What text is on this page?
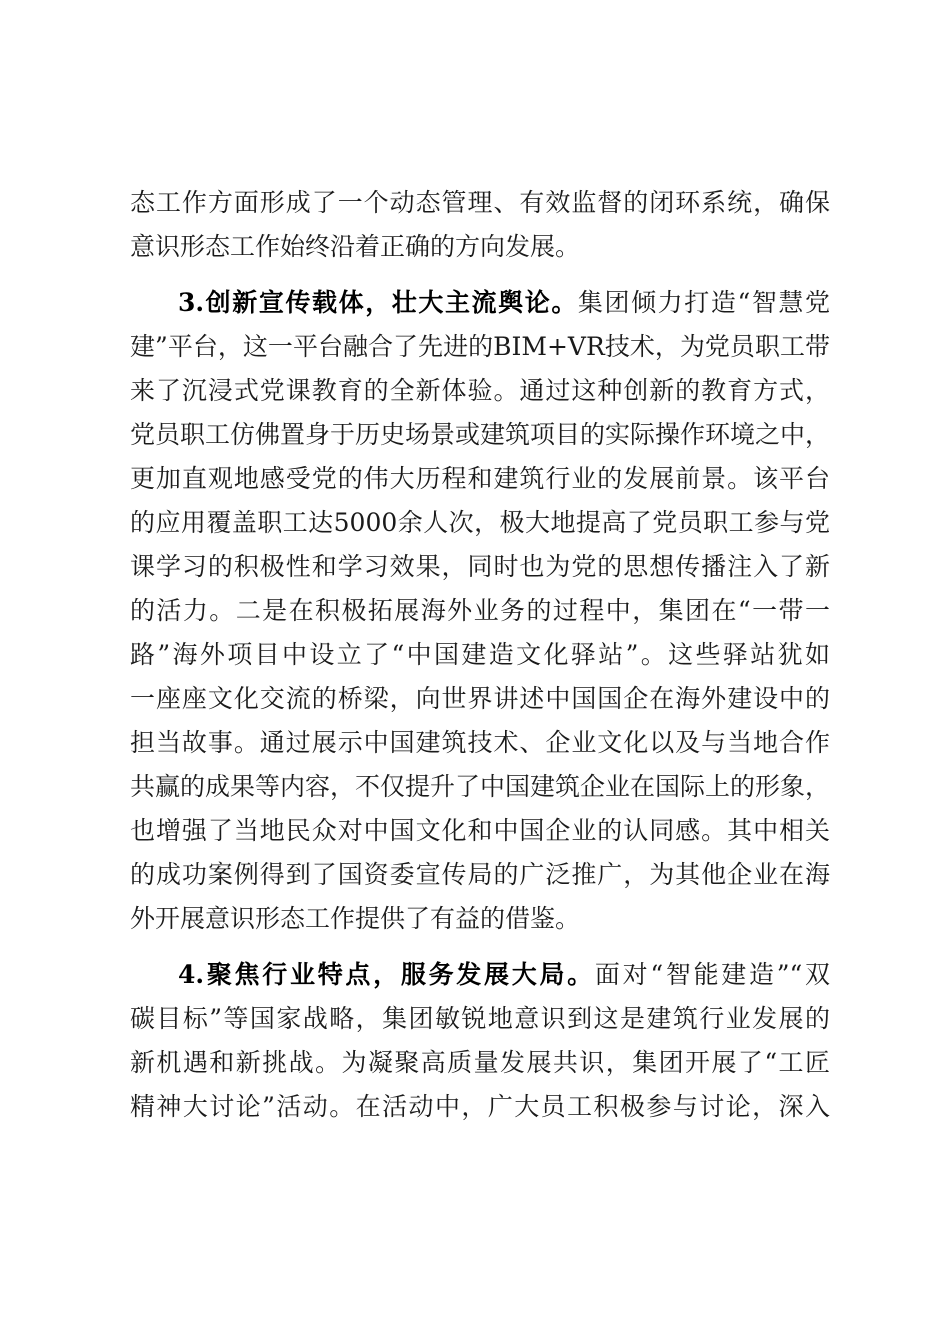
态工作方面形成了一个动态管理、有效监督的闭环系统，确保

意识形态工作始终沿着正确的方向发展。

3.创新宣传载体，壮大主流舆论。集团倾力打造“智慧党

建”平台，这一平台融合了先进的BIM+VR技术，为党员职工带

来了沉浸式党课教育的全新体验。通过这种创新的教育方式，

党员职工仿佛置身于历史场景或建筑项目的实际操作环境之中，

更加直观地感受党的伟大历程和建筑行业的发展前景。该平台

的应用覆盖职工达5000余人次，极大地提高了党员职工参与党

课学习的积极性和学习效果，同时也为党的思想传播注入了新

的活力。二是在积极拓展海外业务的过程中，集团在“一带一

路”海外项目中设立了“中国建造文化驿站”。这些驿站犹如

一座座文化交流的桥梁，向世界讲述中国国企在海外建设中的

担当故事。通过展示中国建筑技术、企业文化以及与当地合作

共赢的成果等内容，不仅提升了中国建筑企业在国际上的形象，

也增强了当地民众对中国文化和中国企业的认同感。其中相关

的成功案例得到了国资委宣传局的广泛推广，为其他企业在海

外开展意识形态工作提供了有益的借鉴。

4.聚焦行业特点，服务发展大局。面对“智能建造”“双

碳目标”等国家战略，集团敏锐地意识到这是建筑行业发展的

新机遇和新挑战。为凝聚高质量发展共识，集团开展了“工匠

精神大讨论”活动。在活动中，广大员工积极参与讨论，深入
